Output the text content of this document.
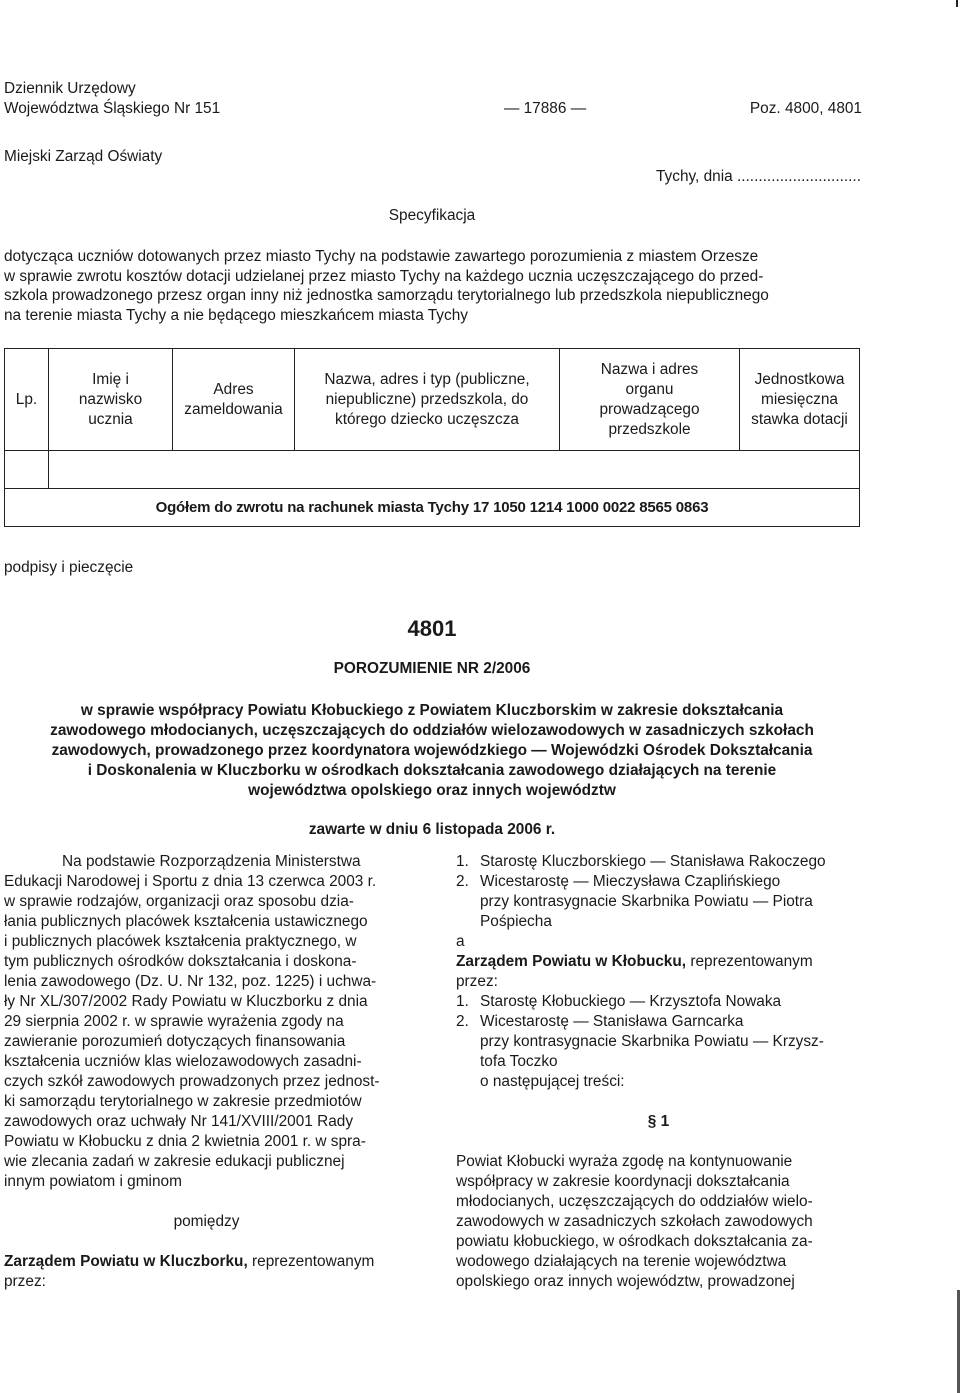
Dziennik Urzędowy
Województwa Śląskiego Nr 151	— 17886 —	Poz. 4800, 4801
Miejski Zarząd Oświaty
Tychy, dnia .............................
Specyfikacja
dotycząca uczniów dotowanych przez miasto Tychy na podstawie zawartego porozumienia z miastem Orzesze
w sprawie zwrotu kosztów dotacji udzielanej przez miasto Tychy na każdego ucznia uczęszczającego do przed-
szkola prowadzonego przesz organ inny niż jednostka samorządu terytorialnego lub przedszkola niepublicznego
na terenie miasta Tychy a nie będącego mieszkańcem miasta Tychy
Lp.	Imię i nazwisko ucznia	Adres zameldowania	Nazwa, adres i typ (publiczne, niepubliczne) przedszkola, do którego dziecko uczęszcza	Nazwa i adres organu prowadzącego przedszkole	Jednostkowa miesięczna stawka dotacji

Ogółem do zwrotu na rachunek miasta Tychy 17 1050 1214 1000 0022 8565 0863					
podpisy i pieczęcie
4801
POROZUMIENIE NR 2/2006
w sprawie współpracy Powiatu Kłobuckiego z Powiatem Kluczborskim w zakresie dokształcania
zawodowego młodocianych, uczęszczających do oddziałów wielozawodowych w zasadniczych szkołach
zawodowych, prowadzonego przez koordynatora wojewódzkiego — Wojewódzki Ośrodek Dokształcania
i Doskonalenia w Kluczborku w ośrodkach dokształcania zawodowego działających na terenie
województwa opolskiego oraz innych województw
zawarte w dniu 6 listopada 2006 r.
Na podstawie Rozporządzenia Ministerstwa
Edukacji Narodowej i Sportu z dnia 13 czerwca 2003 r.
w sprawie rodzajów, organizacji oraz sposobu dzia-
łania publicznych placówek kształcenia ustawicznego
i publicznych placówek kształcenia praktycznego, w
tym publicznych ośrodków dokształcania i doskona-
lenia zawodowego (Dz. U. Nr 132, poz. 1225) i uchwa-
ły Nr XL/307/2002 Rady Powiatu w Kluczborku z dnia
29 sierpnia 2002 r. w sprawie wyrażenia zgody na
zawieranie porozumień dotyczących finansowania
kształcenia uczniów klas wielozawodowych zasadni-
czych szkół zawodowych prowadzonych przez jednost-
ki samorządu terytorialnego w zakresie przedmiotów
zawodowych oraz uchwały Nr 141/XVIII/2001 Rady
Powiatu w Kłobucku z dnia 2 kwietnia 2001 r. w spra-
wie zlecania zadań w zakresie edukacji publicznej
innym powiatom i gminom
pomiędzy
Zarządem Powiatu w Kluczborku, reprezentowanym
przez:
1. Starostę Kluczborskiego — Stanisława Rakoczego
2. Wicestarostę — Mieczysława Czaplińskiego
przy kontrasygnacie Skarbnika Powiatu — Piotra
Pośpiecha
a
Zarządem Powiatu w Kłobucku, reprezentowanym
przez:
1. Starostę Kłobuckiego — Krzysztofa Nowaka
2. Wicestarostę — Stanisława Garncarka
przy kontrasygnacie Skarbnika Powiatu — Krzysz-
tofa Toczko
o następującej treści:
§ 1
Powiat Kłobucki wyraża zgodę na kontynuowanie
współpracy w zakresie koordynacji dokształcania
młodocianych, uczęszczających do oddziałów wielo-
zawodowych w zasadniczych szkołach zawodowych
powiatu kłobuckiego, w ośrodkach dokształcania za-
wodowego działających na terenie województwa
opolskiego oraz innych województw, prowadzonej
